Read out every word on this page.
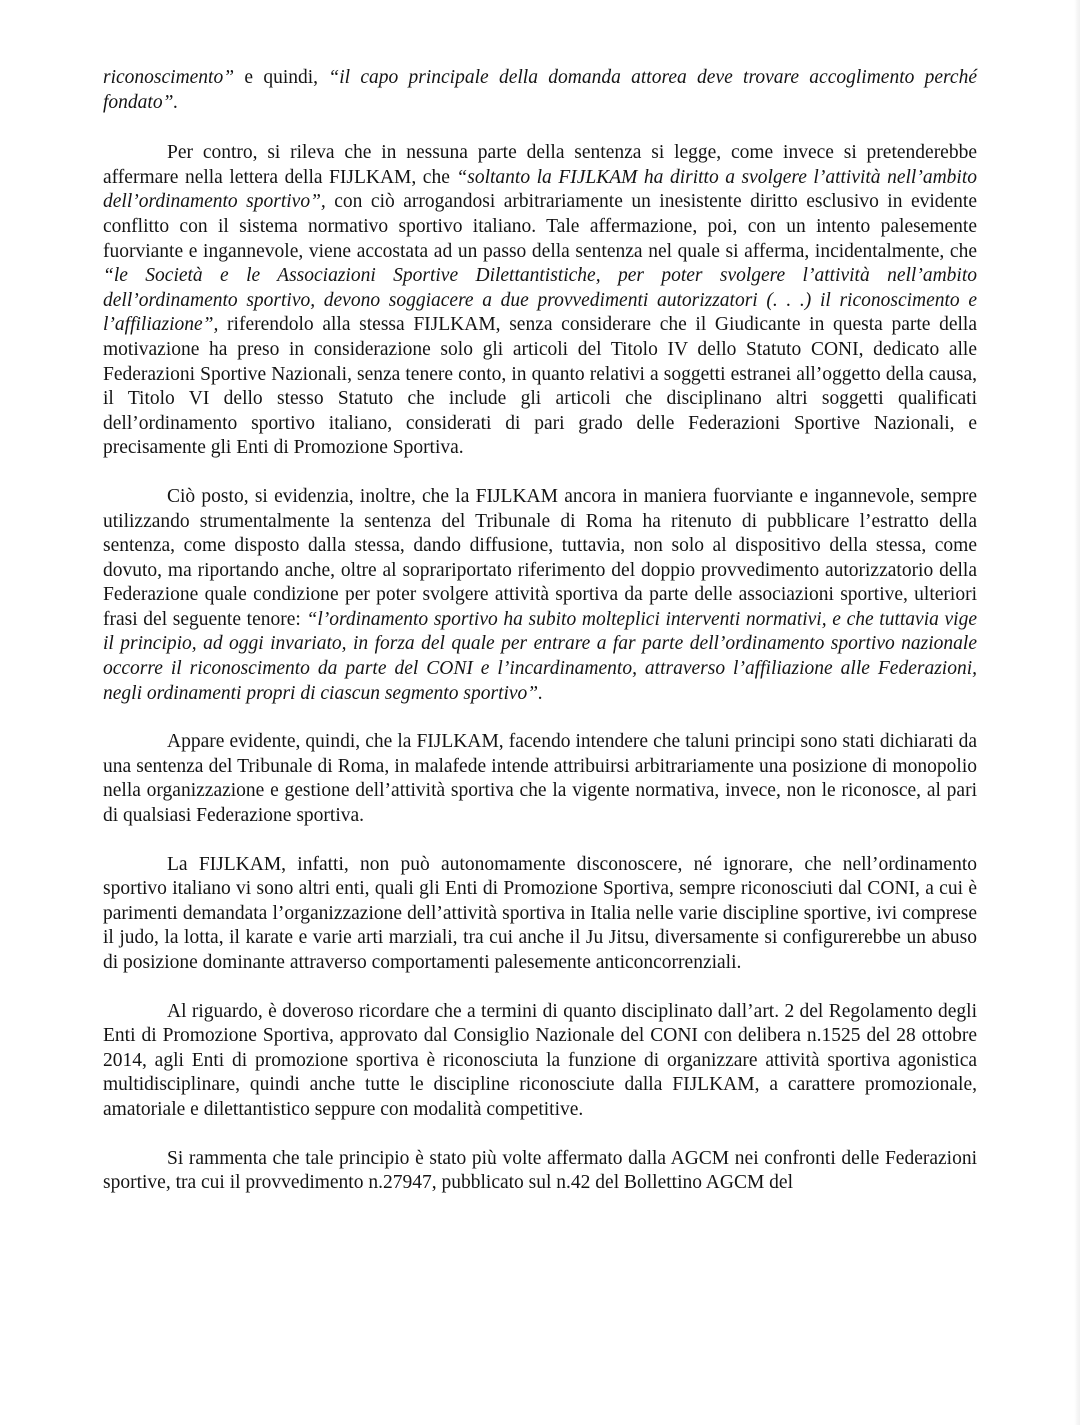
riconoscimento” e quindi, “il capo principale della domanda attorea deve trovare accoglimento perché fondato”.

Per contro, si rileva che in nessuna parte della sentenza si legge, come invece si pretenderebbe affermare nella lettera della FIJLKAM, che “soltanto la FIJLKAM ha diritto a svolgere l’attività nell’ambito dell’ordinamento sportivo”, con ciò arrogandosi arbitrariamente un inesistente diritto esclusivo in evidente conflitto con il sistema normativo sportivo italiano. Tale affermazione, poi, con un intento palesemente fuorviante e ingannevole, viene accostata ad un passo della sentenza nel quale si afferma, incidentalmente, che “le Società e le Associazioni Sportive Dilettantistiche, per poter svolgere l’attività nell’ambito dell’ordinamento sportivo, devono soggiacere a due provvedimenti autorizzatori (. . .) il riconoscimento e l’affiliazione”, riferendolo alla stessa FIJLKAM, senza considerare che il Giudicante in questa parte della motivazione ha preso in considerazione solo gli articoli del Titolo IV dello Statuto CONI, dedicato alle Federazioni Sportive Nazionali, senza tenere conto, in quanto relativi a soggetti estranei all’oggetto della causa, il Titolo VI dello stesso Statuto che include gli articoli che disciplinano altri soggetti qualificati dell’ordinamento sportivo italiano, considerati di pari grado delle Federazioni Sportive Nazionali, e precisamente gli Enti di Promozione Sportiva.

Ciò posto, si evidenzia, inoltre, che la FIJLKAM ancora in maniera fuorviante e ingannevole, sempre utilizzando strumentalmente la sentenza del Tribunale di Roma ha ritenuto di pubblicare l’estratto della sentenza, come disposto dalla stessa, dando diffusione, tuttavia, non solo al dispositivo della stessa, come dovuto, ma riportando anche, oltre al soprariportato riferimento del doppio provvedimento autorizzatorio della Federazione quale condizione per poter svolgere attività sportiva da parte delle associazioni sportive, ulteriori frasi del seguente tenore: “l’ordinamento sportivo ha subito molteplici interventi normativi, e che tuttavia vige il principio, ad oggi invariato, in forza del quale per entrare a far parte dell’ordinamento sportivo nazionale occorre il riconoscimento da parte del CONI e l’incardinamento, attraverso l’affiliazione alle Federazioni, negli ordinamenti propri di ciascun segmento sportivo”.

Appare evidente, quindi, che la FIJLKAM, facendo intendere che taluni principi sono stati dichiarati da una sentenza del Tribunale di Roma, in malafede intende attribuirsi arbitrariamente una posizione di monopolio nella organizzazione e gestione dell’attività sportiva che la vigente normativa, invece, non le riconosce, al pari di qualsiasi Federazione sportiva.

La FIJLKAM, infatti, non può autonomamente disconoscere, né ignorare, che nell’ordinamento sportivo italiano vi sono altri enti, quali gli Enti di Promozione Sportiva, sempre riconosciuti dal CONI, a cui è parimenti demandata l’organizzazione dell’attività sportiva in Italia nelle varie discipline sportive, ivi comprese il judo, la lotta, il karate e varie arti marziali, tra cui anche il Ju Jitsu, diversamente si configurerebbe un abuso di posizione dominante attraverso comportamenti palesemente anticoncorrenziali.

Al riguardo, è doveroso ricordare che a termini di quanto disciplinato dall’art. 2 del Regolamento degli Enti di Promozione Sportiva, approvato dal Consiglio Nazionale del CONI con delibera n.1525 del 28 ottobre 2014, agli Enti di promozione sportiva è riconosciuta la funzione di organizzare attività sportiva agonistica multidisciplinare, quindi anche tutte le discipline riconosciute dalla FIJLKAM, a carattere promozionale, amatoriale e dilettantistico seppure con modalità competitive.

Si rammenta che tale principio è stato più volte affermato dalla AGCM nei confronti delle Federazioni sportive, tra cui il provvedimento n.27947, pubblicato sul n.42 del Bollettino AGCM del
